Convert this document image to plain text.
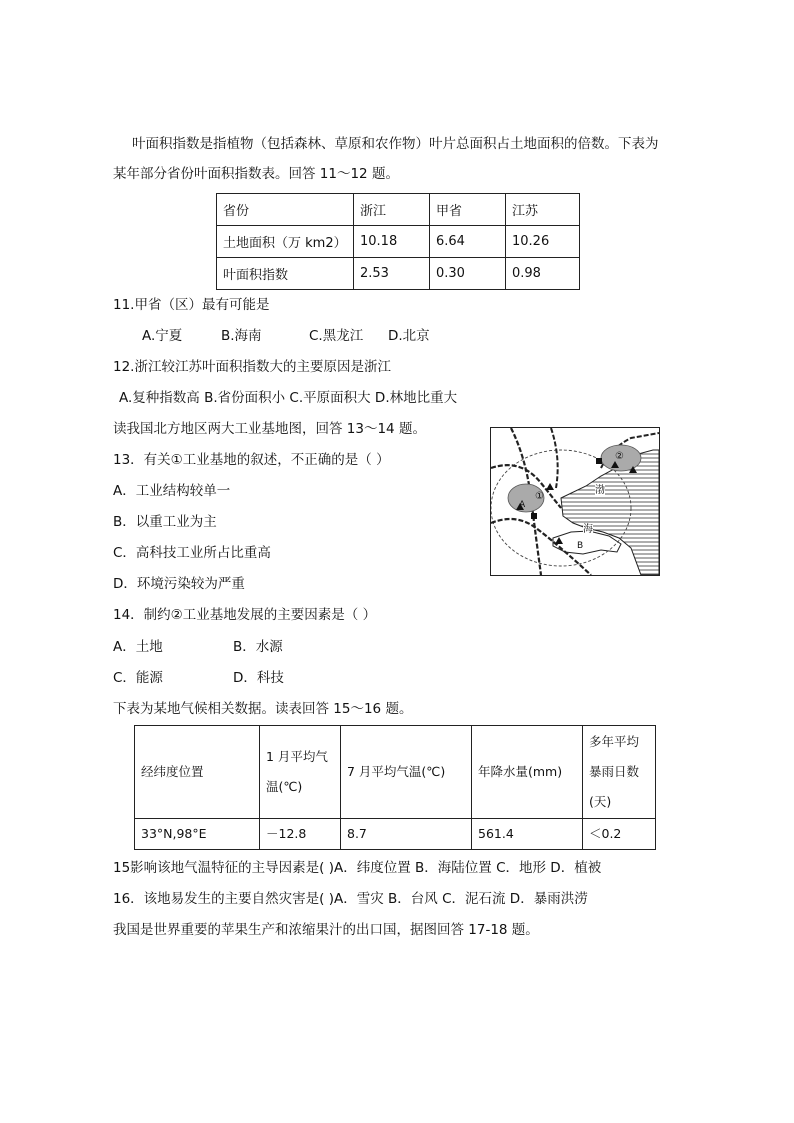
叶面积指数是指植物（包括森林、草原和农作物）叶片总面积占土地面积的倍数。下表为
某年部分省份叶面积指数表。回答 11～12 题。
省份	浙江	甲省	江苏
土地面积（万 km2）	10.18	6.64	10.26
叶面积指数	2.53	0.30	0.98
11.甲省（区）最有可能是
A.宁夏	B.海南	C.黑龙江 D.北京
12.浙江较江苏叶面积指数大的主要原因是浙江
A.复种指数高 B.省份面积小 C.平原面积大 D.林地比重大
读我国北方地区两大工业基地图，回答 13～14 题。
①
②
A
B
渤
海
13．有关①工业基地的叙述，不正确的是（ ）
A．工业结构较单一
B．以重工业为主
C．高科技工业所占比重高
D．环境污染较为严重
14．制约②工业基地发展的主要因素是（ ）
A．土地	B．水源
C．能源	D．科技
下表为某地气候相关数据。读表回答 15～16 题。
经纬度位置	1 月平均气温(℃)	7 月平均气温(℃)	年降水量(mm)	多年平均暴雨日数(天)
33°N,98°E	－12.8	8.7	561.4	＜0.2
15影响该地气温特征的主导因素是( )A．纬度位置 B．海陆位置 C．地形 D．植被
16．该地易发生的主要自然灾害是( )A．雪灾 B．台风 C．泥石流 D．暴雨洪涝
我国是世界重要的苹果生产和浓缩果汁的出口国，据图回答 17-18 题。
